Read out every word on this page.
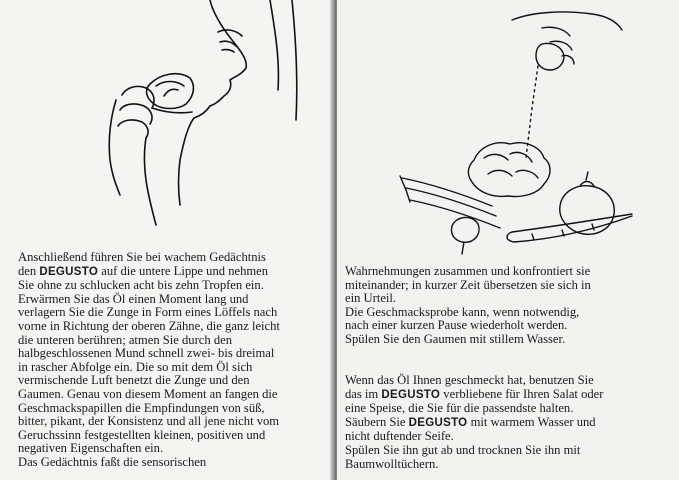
Anschließend führen Sie bei wachem Gedächtnis
den DEGUSTO auf die untere Lippe und nehmen
Sie ohne zu schlucken acht bis zehn Tropfen ein.
Erwärmen Sie das Öl einen Moment lang und
verlagern Sie die Zunge in Form eines Löffels nach
vorne in Richtung der oberen Zähne, die ganz leicht
die unteren berühren; atmen Sie durch den
halbgeschlossenen Mund schnell zwei- bis dreimal
in rascher Abfolge ein. Die so mit dem Öl sich
vermischende Luft benetzt die Zunge und den
Gaumen. Genau von diesem Moment an fangen die
Geschmackspapillen die Empfindungen von süß,
bitter, pikant, der Konsistenz und all jene nicht vom
Geruchssinn festgestellten kleinen, positiven und
negativen Eigenschaften ein.
Das Gedächtnis faßt die sensorischen

Wahrnehmungen zusammen und konfrontiert sie
miteinander; in kurzer Zeit übersetzen sie sich in
ein Urteil.
Die Geschmacksprobe kann, wenn notwendig,
nach einer kurzen Pause wiederholt werden.
Spülen Sie den Gaumen mit stillem Wasser.

Wenn das Öl Ihnen geschmeckt hat, benutzen Sie
das im DEGUSTO verbliebene für Ihren Salat oder
eine Speise, die Sie für die passendste halten.
Säubern Sie DEGUSTO mit warmem Wasser und
nicht duftender Seife.
Spülen Sie ihn gut ab und trocknen Sie ihn mit
Baumwolltüchern.
